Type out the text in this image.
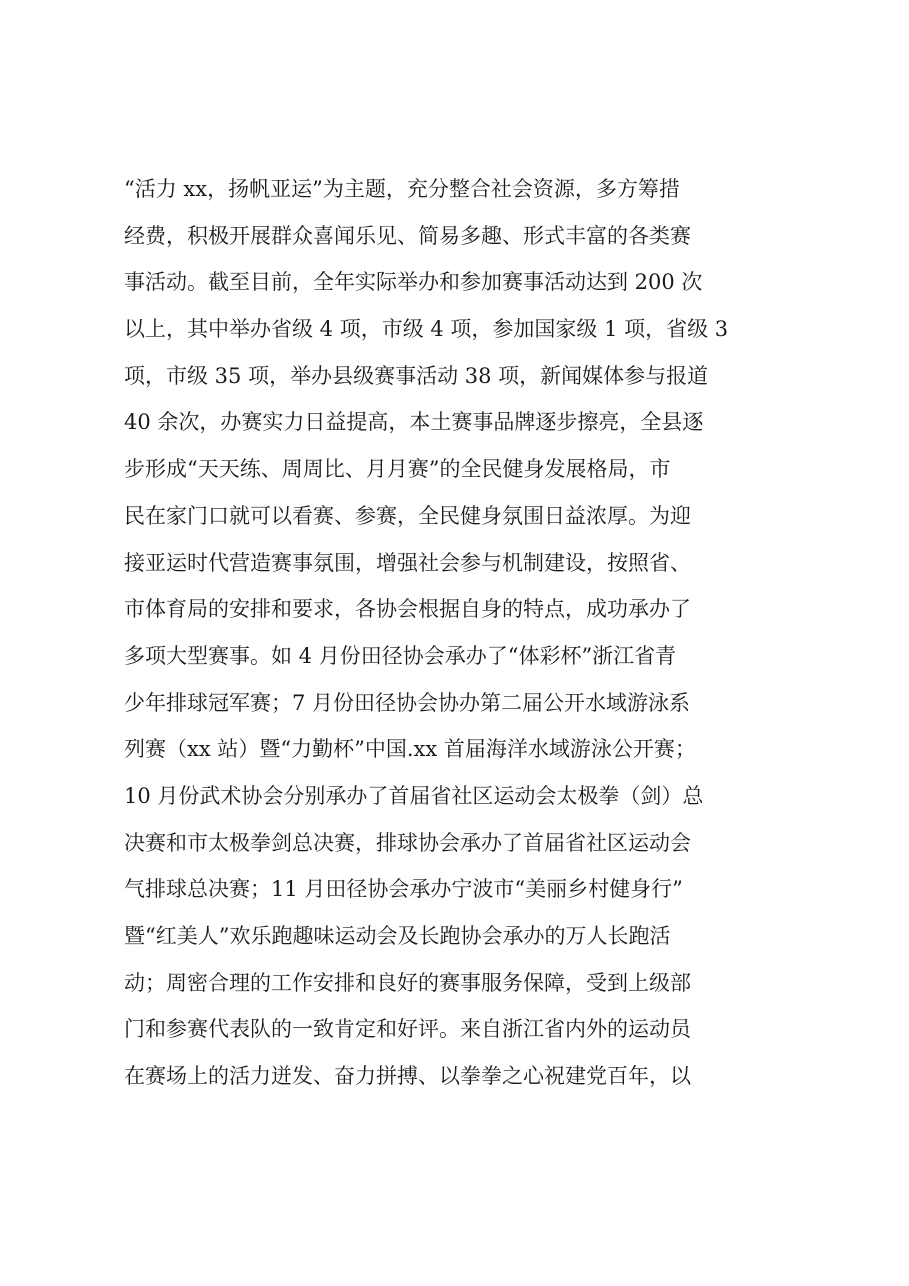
“活力 xx，扬帆亚运”为主题，充分整合社会资源，多方筹措
经费，积极开展群众喜闻乐见、简易多趣、形式丰富的各类赛
事活动。截至目前，全年实际举办和参加赛事活动达到 200 次
以上，其中举办省级 4 项，市级 4 项，参加国家级 1 项，省级 3
项，市级 35 项，举办县级赛事活动 38 项，新闻媒体参与报道
40 余次，办赛实力日益提高，本土赛事品牌逐步擦亮，全县逐
步形成“天天练、周周比、月月赛”的全民健身发展格局，市
民在家门口就可以看赛、参赛，全民健身氛围日益浓厚。为迎
接亚运时代营造赛事氛围，增强社会参与机制建设，按照省、
市体育局的安排和要求，各协会根据自身的特点，成功承办了
多项大型赛事。如 4 月份田径协会承办了“体彩杯”浙江省青
少年排球冠军赛；7 月份田径协会协办第二届公开水域游泳系
列赛（xx 站）暨“力勤杯”中国.xx 首届海洋水域游泳公开赛；
10 月份武术协会分别承办了首届省社区运动会太极拳（剑）总
决赛和市太极拳剑总决赛，排球协会承办了首届省社区运动会
气排球总决赛；11 月田径协会承办宁波市“美丽乡村健身行”
暨“红美人”欢乐跑趣味运动会及长跑协会承办的万人长跑活
动；周密合理的工作安排和良好的赛事服务保障，受到上级部
门和参赛代表队的一致肯定和好评。来自浙江省内外的运动员
在赛场上的活力迸发、奋力拼搏、以拳拳之心祝建党百年，以
